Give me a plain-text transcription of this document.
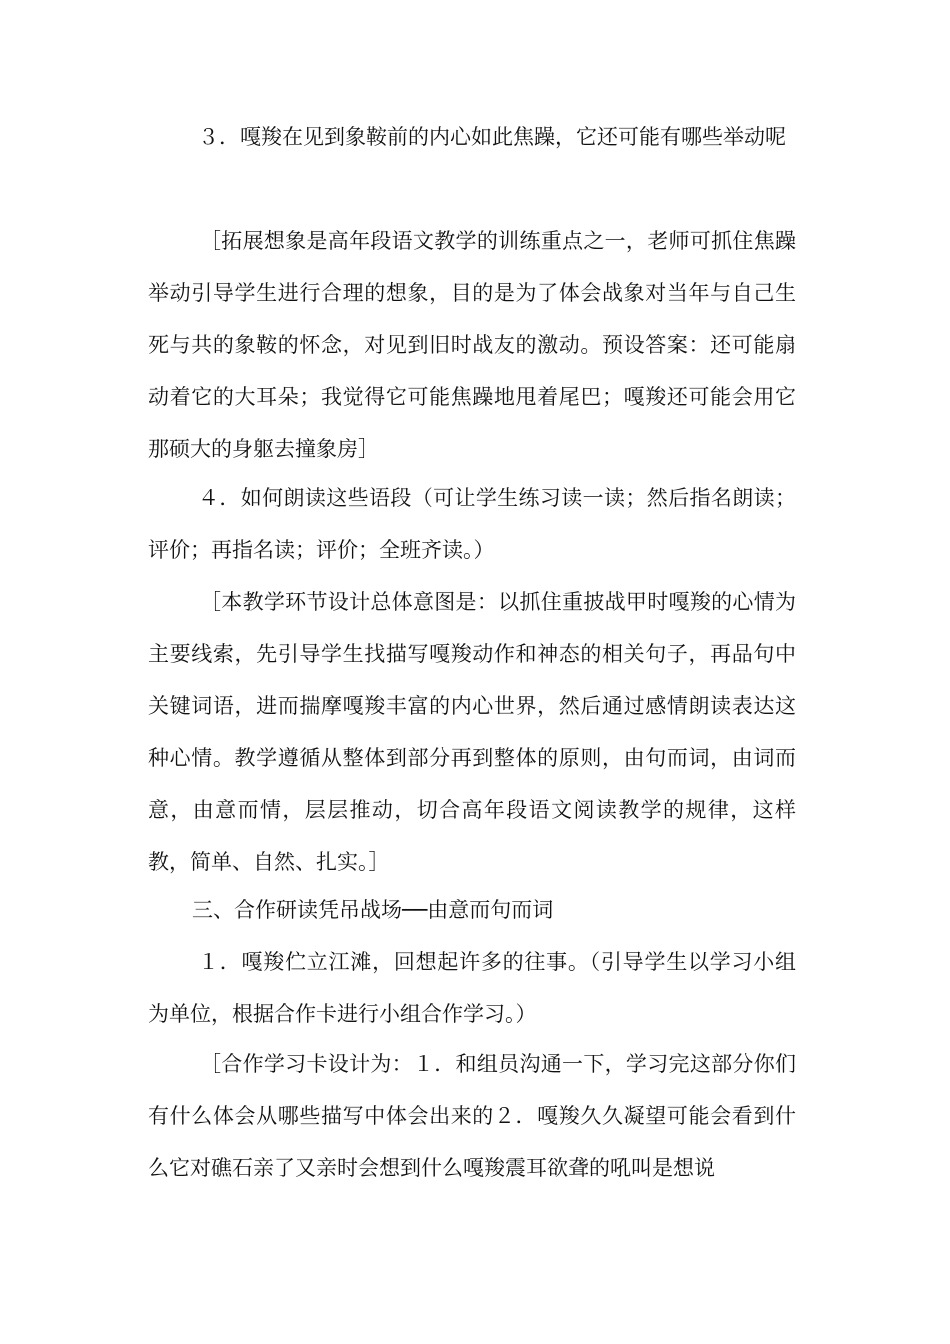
３．嘎羧在见到象鞍前的内心如此焦躁，它还可能有哪些举动呢

［拓展想象是高年段语文教学的训练重点之一，老师可抓住焦躁举动引导学生进行合理的想象，目的是为了体会战象对当年与自己生死与共的象鞍的怀念，对见到旧时战友的激动。预设答案：还可能扇动着它的大耳朵；我觉得它可能焦躁地甩着尾巴；嘎羧还可能会用它那硕大的身躯去撞象房］

４．如何朗读这些语段（可让学生练习读一读；然后指名朗读；评价；再指名读；评价；全班齐读。）

［本教学环节设计总体意图是：以抓住重披战甲时嘎羧的心情为主要线索，先引导学生找描写嘎羧动作和神态的相关句子，再品句中关键词语，进而揣摩嘎羧丰富的内心世界，然后通过感情朗读表达这种心情。教学遵循从整体到部分再到整体的原则，由句而词，由词而意，由意而情，层层推动，切合高年段语文阅读教学的规律，这样教，简单、自然、扎实。］

三、合作研读凭吊战场──由意而句而词

１．嘎羧伫立江滩，回想起许多的往事。（引导学生以学习小组为单位，根据合作卡进行小组合作学习。）

［合作学习卡设计为：１．和组员沟通一下，学习完这部分你们有什么体会从哪些描写中体会出来的２．嘎羧久久凝望可能会看到什么它对礁石亲了又亲时会想到什么嘎羧震耳欲聋的吼叫是想说
